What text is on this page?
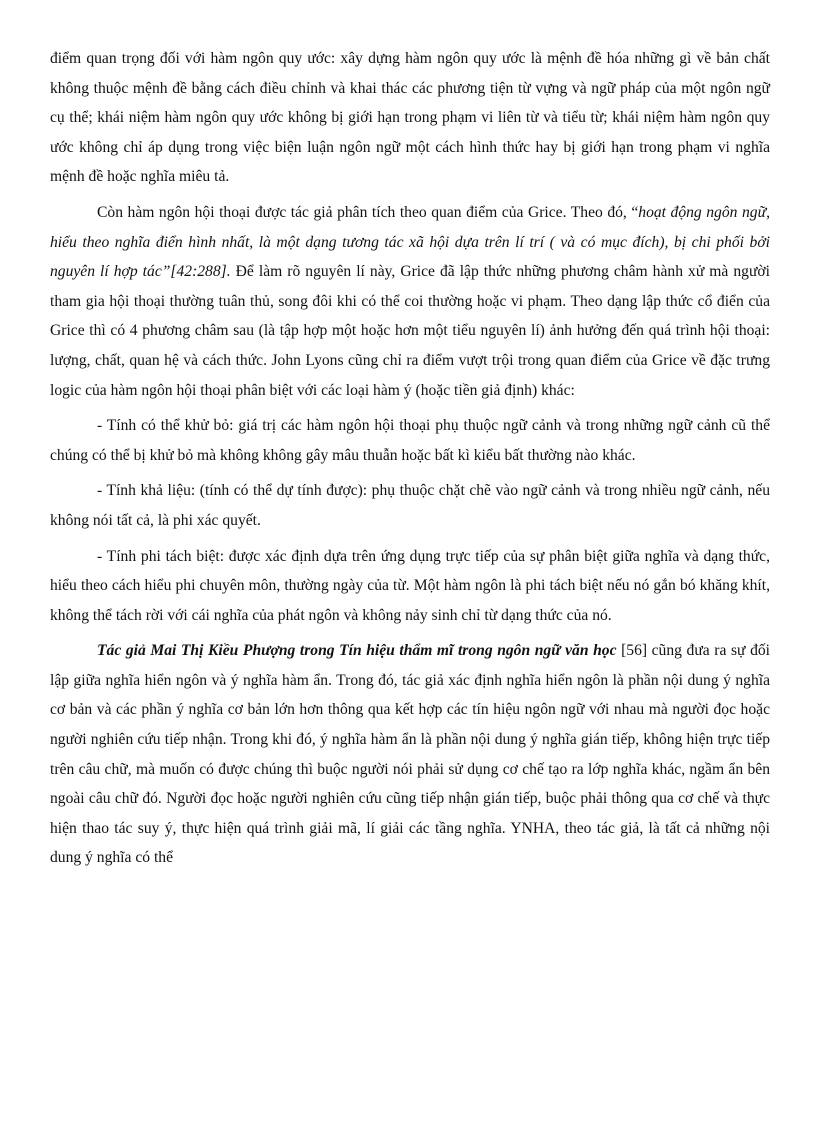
điểm quan trọng đối với hàm ngôn quy ước: xây dựng hàm ngôn quy ước là mệnh đề hóa những gì về bản chất không thuộc mệnh đề bằng cách điều chỉnh và khai thác các phương tiện từ vựng và ngữ pháp của một ngôn ngữ cụ thể; khái niệm hàm ngôn quy ước không bị giới hạn trong phạm vi liên từ và tiểu từ; khái niệm hàm ngôn quy ước không chỉ áp dụng trong việc biện luận ngôn ngữ một cách hình thức hay bị giới hạn trong phạm vi nghĩa mệnh đề hoặc nghĩa miêu tả.

Còn hàm ngôn hội thoại được tác giả phân tích theo quan điểm của Grice. Theo đó, “hoạt động ngôn ngữ, hiểu theo nghĩa điển hình nhất, là một dạng tương tác xã hội dựa trên lí trí ( và có mục đích), bị chi phối bởi nguyên lí hợp tác”[42:288]. Để làm rõ nguyên lí này, Grice đã lập thức những phương châm hành xử mà người tham gia hội thoại thường tuân thủ, song đôi khi có thể coi thường hoặc vi phạm. Theo dạng lập thức cổ điển của Grice thì có 4 phương châm sau (là tập hợp một hoặc hơn một tiểu nguyên lí) ảnh hưởng đến quá trình hội thoại: lượng, chất, quan hệ và cách thức. John Lyons cũng chỉ ra điểm vượt trội trong quan điểm của Grice về đặc trưng logic của hàm ngôn hội thoại phân biệt với các loại hàm ý (hoặc tiền giả định) khác:

- Tính có thể khử bỏ: giá trị các hàm ngôn hội thoại phụ thuộc ngữ cảnh và trong những ngữ cảnh cũ thể chúng có thể bị khử bỏ mà không không gây mâu thuẫn hoặc bất kì kiểu bất thường nào khác.

- Tính khả liệu: (tính có thể dự tính được): phụ thuộc chặt chẽ vào ngữ cảnh và trong nhiều ngữ cảnh, nếu không nói tất cả, là phi xác quyết.

- Tính phi tách biệt: được xác định dựa trên ứng dụng trực tiếp của sự phân biệt giữa nghĩa và dạng thức, hiểu theo cách hiểu phi chuyên môn, thường ngày của từ. Một hàm ngôn là phi tách biệt nếu nó gắn bó khăng khít, không thể tách rời với cái nghĩa của phát ngôn và không nảy sinh chỉ từ dạng thức của nó.

Tác giả Mai Thị Kiều Phượng trong Tín hiệu thẩm mĩ trong ngôn ngữ văn học [56] cũng đưa ra sự đối lập giữa nghĩa hiển ngôn và ý nghĩa hàm ẩn. Trong đó, tác giả xác định nghĩa hiển ngôn là phần nội dung ý nghĩa cơ bản và các phần ý nghĩa cơ bản lớn hơn thông qua kết hợp các tín hiệu ngôn ngữ với nhau mà người đọc hoặc người nghiên cứu tiếp nhận. Trong khi đó, ý nghĩa hàm ẩn là phần nội dung ý nghĩa gián tiếp, không hiện trực tiếp trên câu chữ, mà muốn có được chúng thì buộc người nói phải sử dụng cơ chế tạo ra lớp nghĩa khác, ngầm ẩn bên ngoài câu chữ đó. Người đọc hoặc người nghiên cứu cũng tiếp nhận gián tiếp, buộc phải thông qua cơ chế và thực hiện thao tác suy ý, thực hiện quá trình giải mã, lí giải các tầng nghĩa. YNHA, theo tác giả, là tất cả những nội dung ý nghĩa có thể
